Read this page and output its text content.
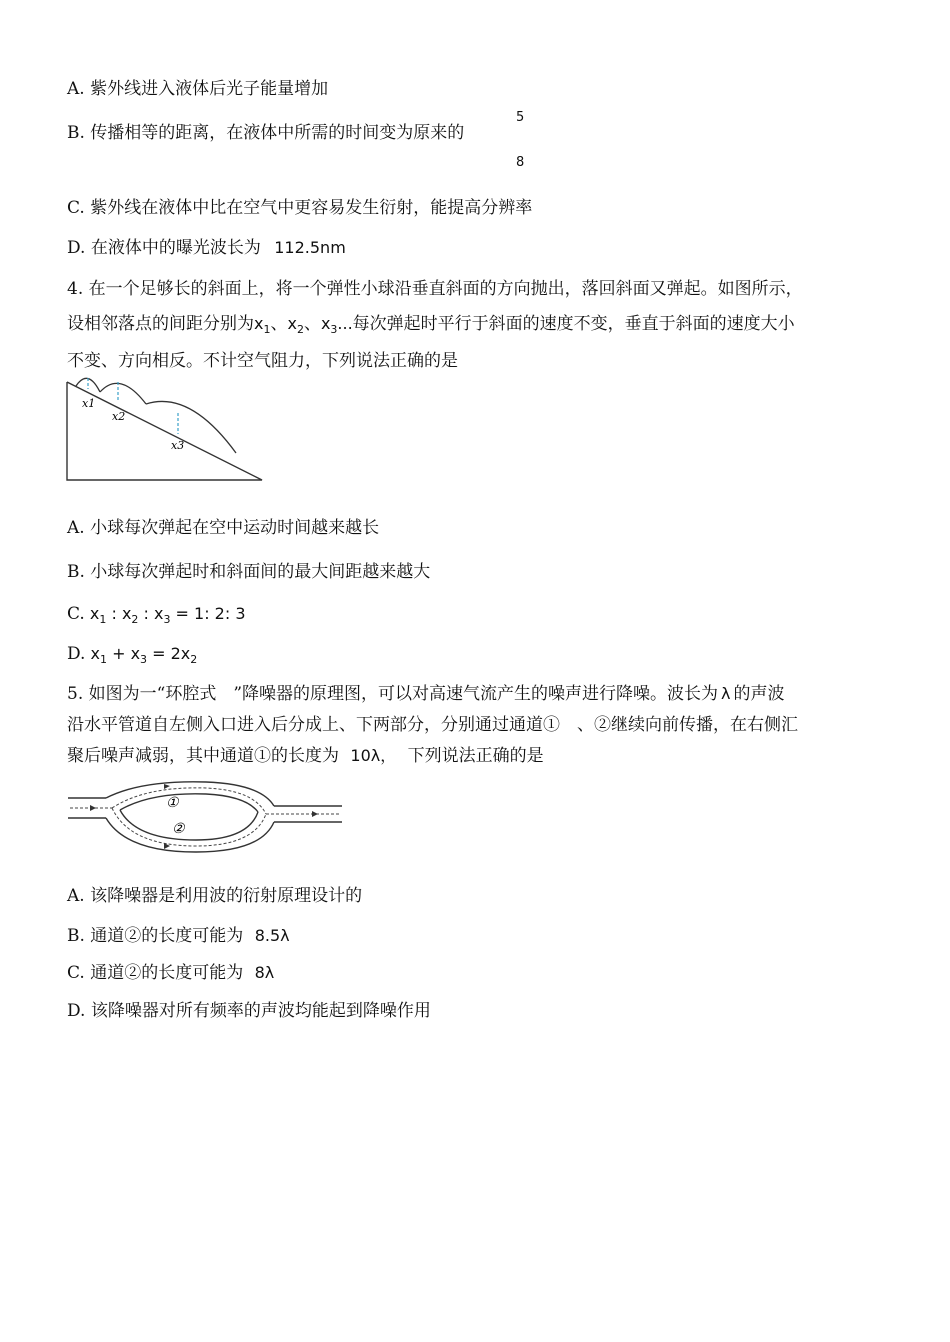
A. 紫外线进入液体后光子能量增加
B. 传播相等的距离，在液体中所需的时间变为原来的
5
8
C. 紫外线在液体中比在空气中更容易发生衍射，能提高分辨率
D. 在液体中的曝光波长为 112.5nm
4. 在一个足够长的斜面上，将一个弹性小球沿垂直斜面的方向抛出，落回斜面又弹起。如图所示，
设相邻落点的间距分别为$x_1$、$x_2$、$x_3$...每次弹起时平行于斜面的速度不变，垂直于斜面的速度大小
不变、方向相反。不计空气阻力，下列说法正确的是
x1
x2
x3
A. 小球每次弹起在空中运动时间越来越长
B. 小球每次弹起时和斜面间的最大间距越来越大
C. $x_1$ : $x_2$ : $x_3 = 1$: 2: 3
D. $x_1 + x_3 = 2x_2$
5. 如图为一“环腔式　”降噪器的原理图，可以对高速气流产生的噪声进行降噪。波长为 λ 的声波
沿水平管道自左侧入口进入后分成上、下两部分，分别通过通道①　、②继续向前传播，在右侧汇
聚后噪声减弱，其中通道①的长度为 10λ， 下列说法正确的是
①
②
A. 该降噪器是利用波的衍射原理设计的
B. 通道②的长度可能为 8.5λ
C. 通道②的长度可能为 8λ
D. 该降噪器对所有频率的声波均能起到降噪作用
